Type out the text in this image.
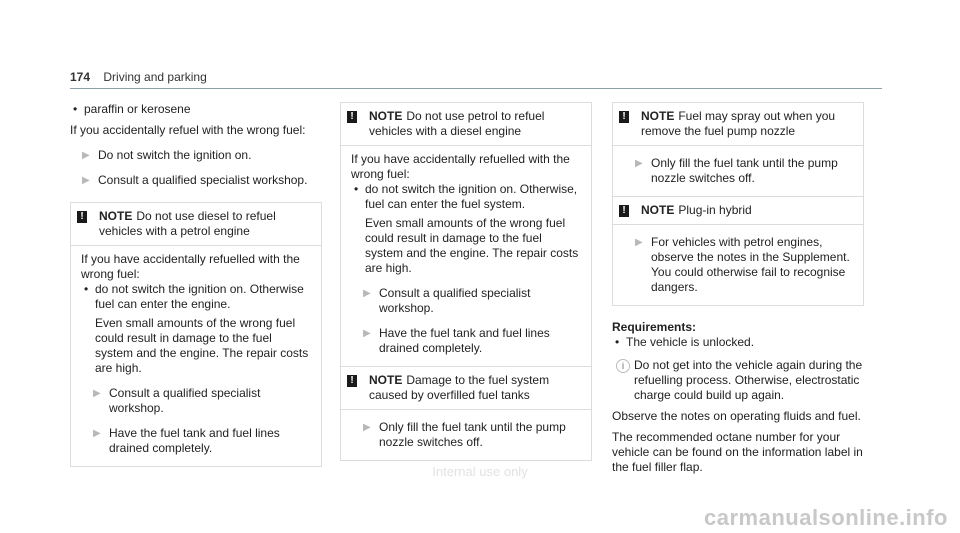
174 Driving and parking

• paraffin or kerosene

If you accidentally refuel with the wrong fuel:

▶ Do not switch the ignition on.
▶ Consult a qualified specialist workshop.
! NOTE Do not use diesel to refuel vehicles with a petrol engine

If you have accidentally refuelled with the wrong fuel:

• do not switch the ignition on. Otherwise fuel can enter the engine.

Even small amounts of the wrong fuel could result in damage to the fuel system and the engine. The repair costs are high.

▶ Consult a qualified specialist workshop.
▶ Have the fuel tank and fuel lines drained completely.
! NOTE Do not use petrol to refuel vehicles with a diesel engine

If you have accidentally refuelled with the wrong fuel:

• do not switch the ignition on. Otherwise, fuel can enter the fuel system.

Even small amounts of the wrong fuel could result in damage to the fuel system and the engine. The repair costs are high.

▶ Consult a qualified specialist workshop.
▶ Have the fuel tank and fuel lines drained completely.
! NOTE Damage to the fuel system caused by overfilled fuel tanks
▶ Only fill the fuel tank until the pump nozzle switches off.
! NOTE Fuel may spray out when you remove the fuel pump nozzle
▶ Only fill the fuel tank until the pump nozzle switches off.
! NOTE Plug-in hybrid
▶ For vehicles with petrol engines, observe the notes in the Supplement. You could otherwise fail to recognise dangers.

Requirements:

• The vehicle is unlocked.

i Do not get into the vehicle again during the refuelling process. Otherwise, electrostatic charge could build up again.

Observe the notes on operating fluids and fuel.

The recommended octane number for your vehicle can be found on the information label in the fuel filler flap.

Internal use only
carmanualsonline.info
